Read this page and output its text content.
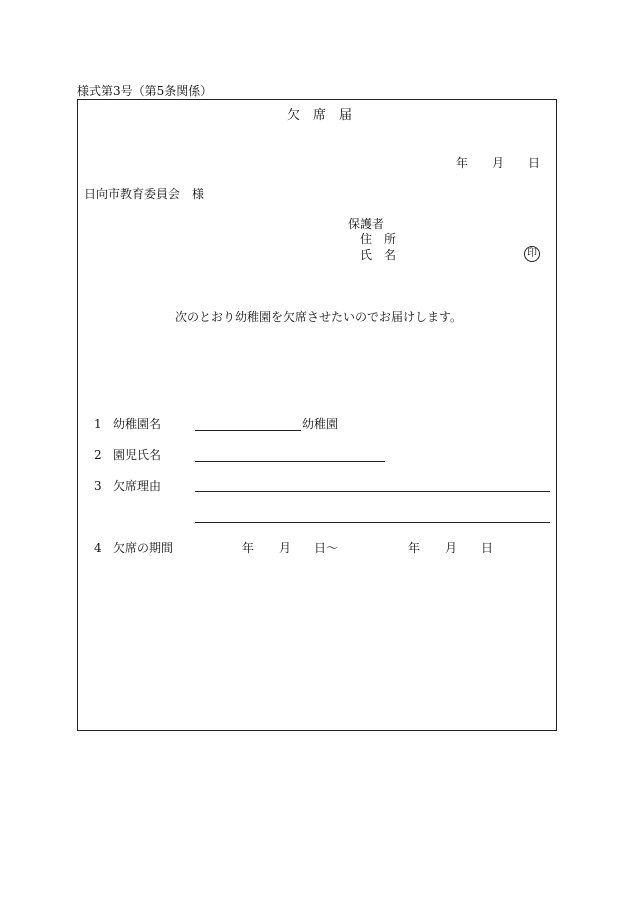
様式第3号（第5条関係）
欠　席　届
年 月 日
日向市教育委員会　様
保護者
住　所
氏　名	印
次のとおり幼稚園を欠席させたいのでお届けします。
1 幼稚園名	幼稚園
2 園児氏名
3 欠席理由
4 欠席の期間	年 月 日～	年 月 日
